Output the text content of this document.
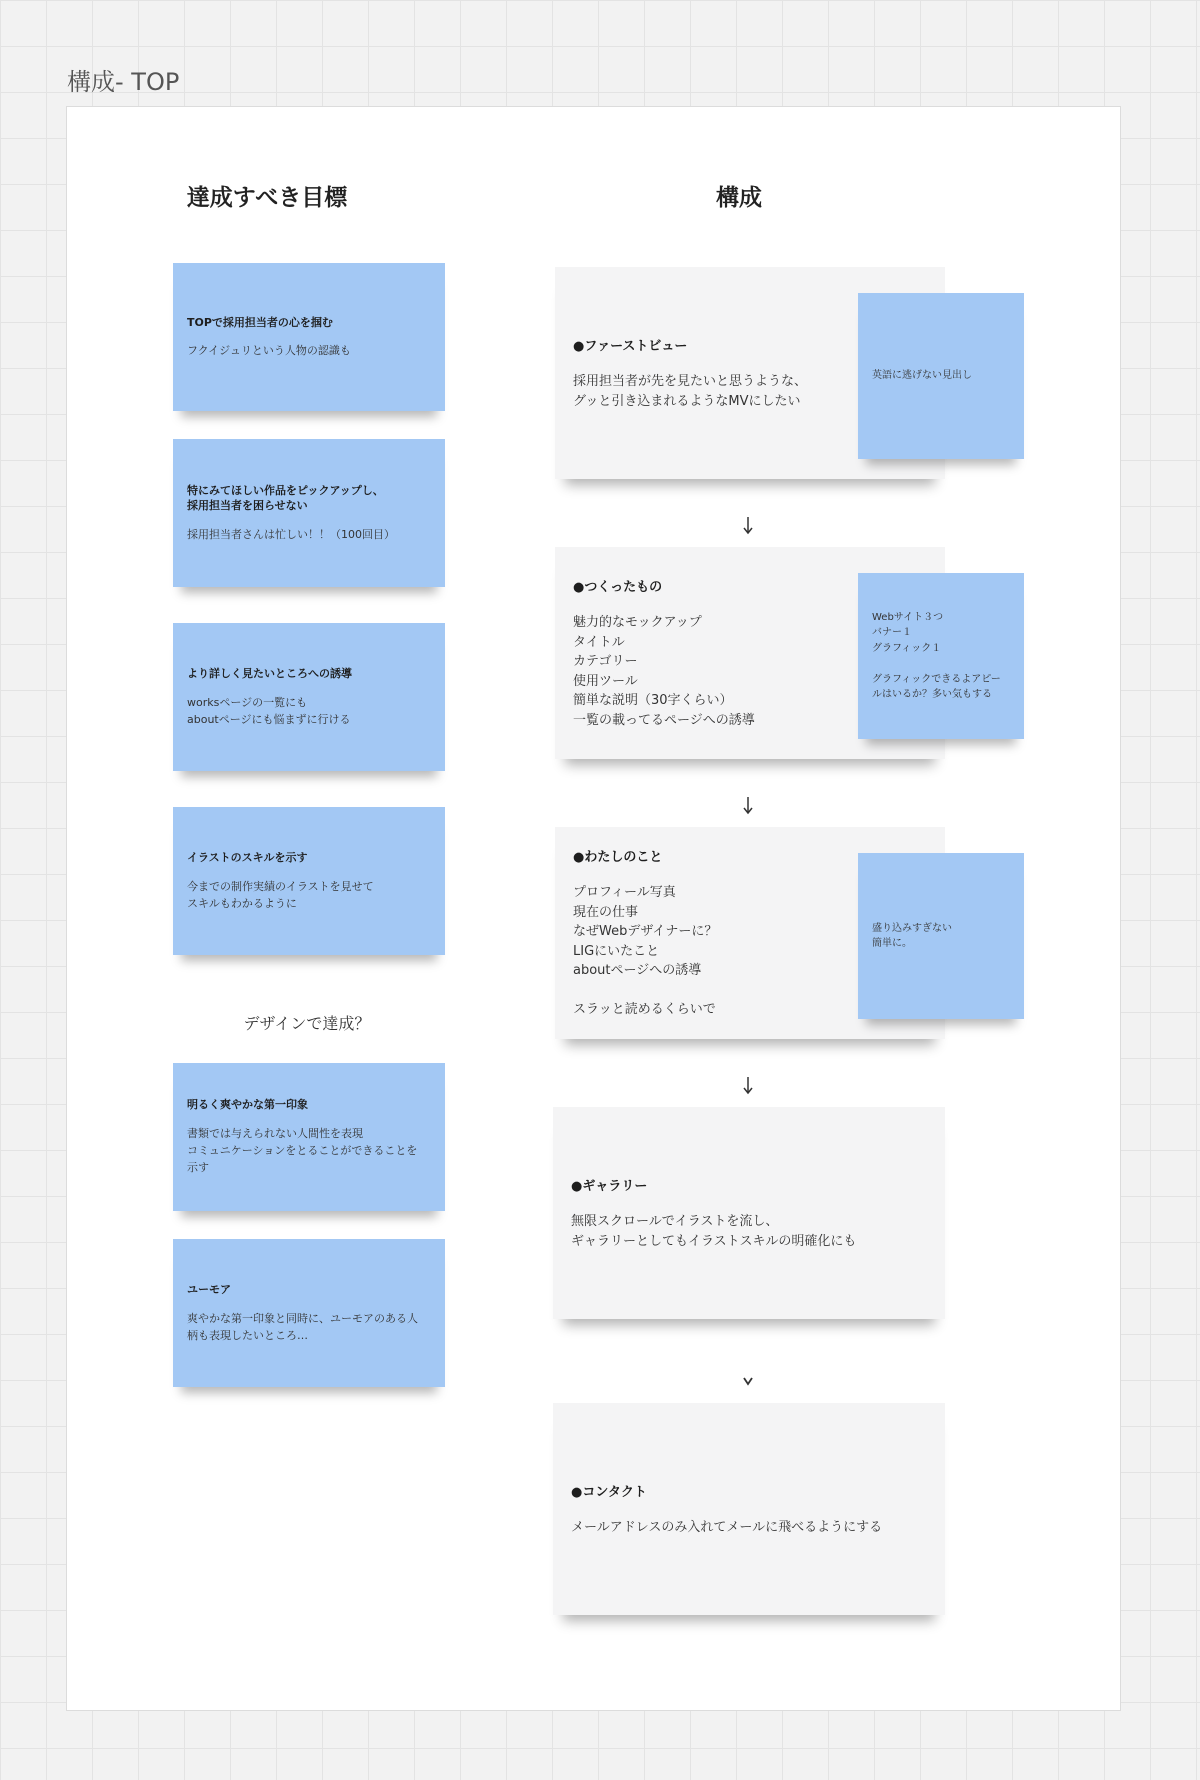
構成- TOP
達成すべき目標	構成
TOPで採用担当者の心を掴む
フクイジュリという人物の認識も
特にみてほしい作品をピックアップし、
採用担当者を困らせない
採用担当者さんは忙しい！！（100回目）
より詳しく見たいところへの誘導
worksページの一覧にも
aboutページにも悩まずに行ける
イラストのスキルを示す
今までの制作実績のイラストを見せて
スキルもわかるように
デザインで達成？
明るく爽やかな第一印象
書類では与えられない人間性を表現
コミュニケーションをとることができることを
示す
ユーモア
爽やかな第一印象と同時に、ユーモアのある人
柄も表現したいところ…
●ファーストビュー
採用担当者が先を見たいと思うような、
グッと引き込まれるようなMVにしたい
英語に逃げない見出し
●つくったもの
魅力的なモックアップ
タイトル
カテゴリー
使用ツール
簡単な説明（30字くらい）
一覧の載ってるページへの誘導
Webサイト３つ
バナー１
グラフィック１

グラフィックできるよアピー
ルはいるか？多い気もする
●わたしのこと
プロフィール写真
現在の仕事
なぜWebデザイナーに？
LIGにいたこと
aboutページへの誘導

スラッと読めるくらいで
盛り込みすぎない
簡単に。
●ギャラリー
無限スクロールでイラストを流し、
ギャラリーとしてもイラストスキルの明確化にも
●コンタクト
メールアドレスのみ入れてメールに飛べるようにする
